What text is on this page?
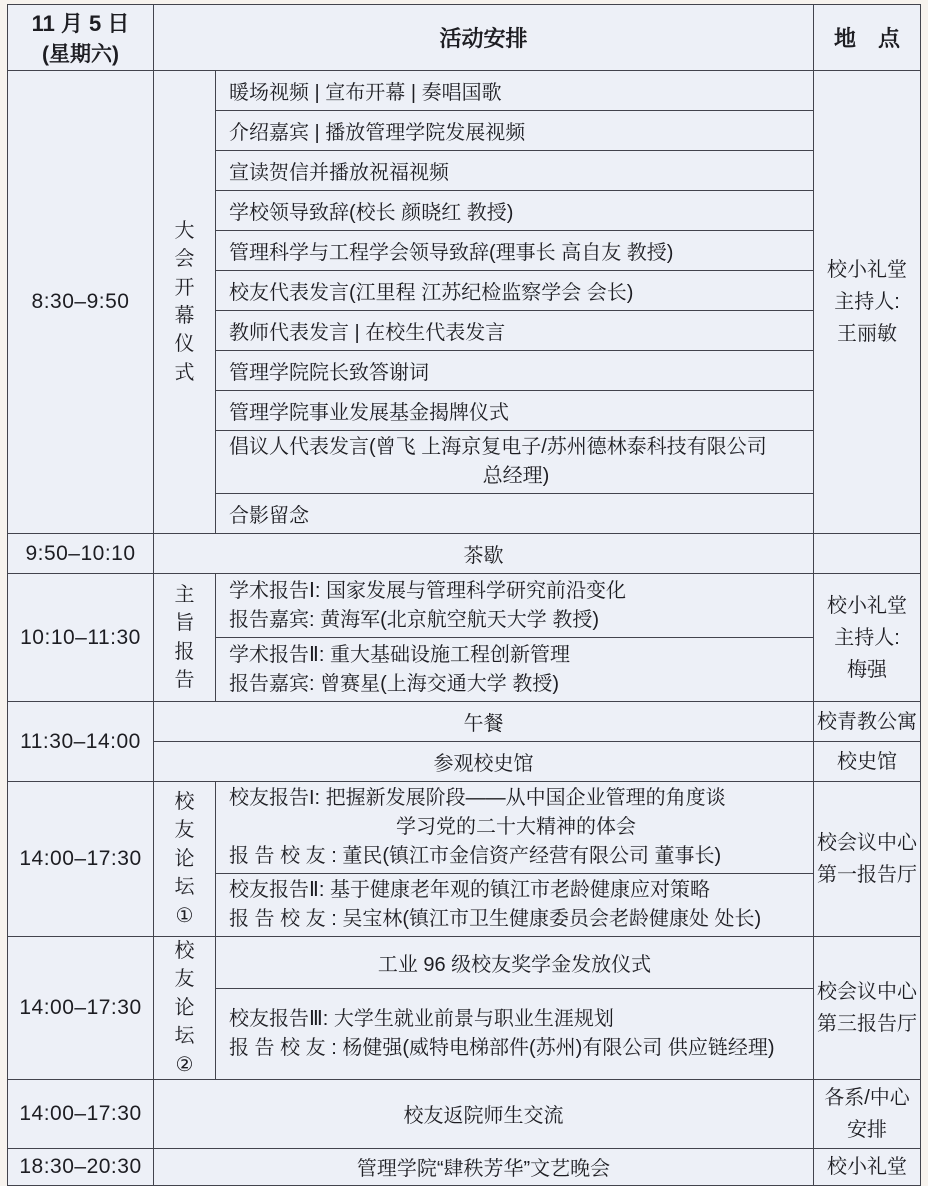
11 月 5 日
(星期六)	活动安排		地　点
8:30–9:50	大会开幕仪式	暖场视频 | 宣布开幕 | 奏唱国歌	校小礼堂
主持人:
王丽敏

		介绍嘉宾 | 播放管理学院发展视频	
		宣读贺信并播放祝福视频	
		学校领导致辞(校长 颜晓红 教授)	
		管理科学与工程学会领导致辞(理事长 高自友 教授)	
		校友代表发言(江里程 江苏纪检监察学会 会长)	
		教师代表发言 | 在校生代表发言	
		管理学院院长致答谢词	
		管理学院事业发展基金揭牌仪式	

		倡议人代表发言(曾飞 上海京复电子/苏州德林泰科技有限公司
总经理)	

		合影留念	
9:50–10:10	茶歇		
10:10–11:30	主旨报告	学术报告Ⅰ: 国家发展与管理科学研究前沿变化
报告嘉宾: 黄海军(北京航空航天大学 教授)	校小礼堂
主持人:
梅强

		学术报告Ⅱ: 重大基础设施工程创新管理
报告嘉宾: 曾赛星(上海交通大学 教授)	

11:30–14:00	午餐		校青教公寓
	参观校史馆		校史馆
14:00–17:30	校友论坛①	校友报告I: 把握新发展阶段——从中国企业管理的角度谈
学习党的二十大精神的体会
报 告 校 友 : 董民(镇江市金信资产经营有限公司 董事长)	校会议中心
第一报告厅

		校友报告Ⅱ: 基于健康老年观的镇江市老龄健康应对策略
报 告 校 友 : 吴宝林(镇江市卫生健康委员会老龄健康处 处长)	

14:00–17:30	校友论坛②	工业 96 级校友奖学金发放仪式	校会议中心
第三报告厅

		校友报告Ⅲ: 大学生就业前景与职业生涯规划
报 告 校 友 : 杨健强(威特电梯部件(苏州)有限公司 供应链经理)	

14:00–17:30	校友返院师生交流		各系/中心
安排

18:30–20:30	管理学院“肆秩芳华”文艺晚会		校小礼堂
